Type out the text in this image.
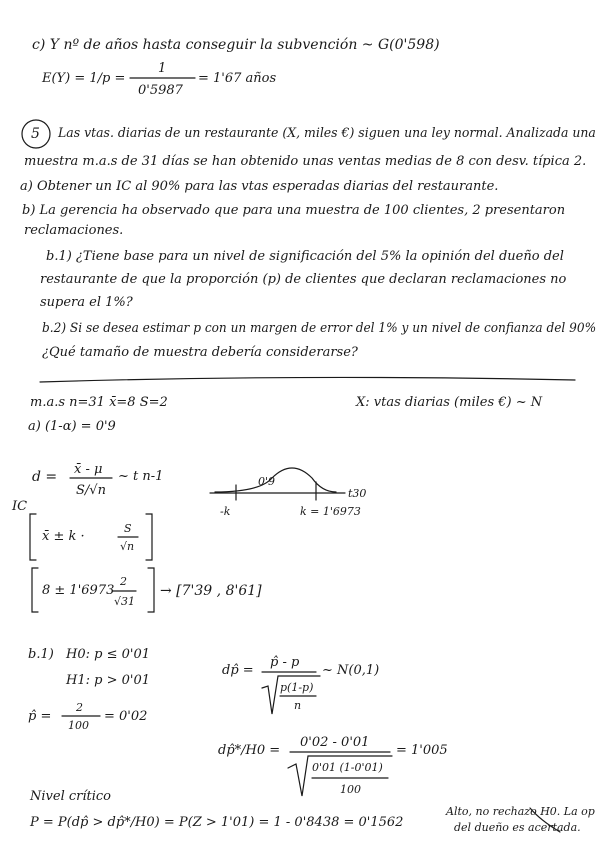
c) Y nº de años hasta conseguir la subvención ~ G(0'598)
E(Y) = 1/p =
1
0'5987
= 1'67 años
5 Las vtas. diarias de un restaurante (X, miles €) siguen una ley normal. Analizada una
muestra m.a.s de 31 días se han obtenido unas ventas medias de 8 con desv. típica 2.
a) Obtener un IC al 90% para las vtas esperadas diarias del restaurante.
b) La gerencia ha observado que para una muestra de 100 clientes, 2 presentaron
reclamaciones.
b.1) ¿Tiene base para un nivel de significación del 5% la opinión del dueño del
restaurante de que la proporción (p) de clientes que declaran reclamaciones no
supera el 1%?
b.2) Si se desea estimar p con un margen de error del 1% y un nivel de confianza del 90%
¿Qué tamaño de muestra debería considerarse?
m.a.s n=31 x̄=8 S=2	X: vtas diarias (miles €) ~ N
a) (1-α) = 0'9
d = x̄ - μ
S/√n
~ t n-1	0'9
t30
-k	k = 1'6973
IC
x̄ ± k ·
S
√n
8 ± 1'6973
2
√31
→ [7'39 , 8'61]
b.1) H0: p ≤ 0'01
H1: p > 0'01
p̂ =
2
100
= 0'02
dp̂ =
p̂ - p
p(1-p)
n
~ N(0,1)
dp̂*/H0 =
0'02 - 0'01
0'01 (1-0'01)
100
= 1'005
Nivel crítico
P = P(dp̂ > dp̂*/H0) = P(Z > 1'01) = 1 - 0'8438 = 0'1562
Alto, no rechazo H0. La op
del dueño es acertada.
